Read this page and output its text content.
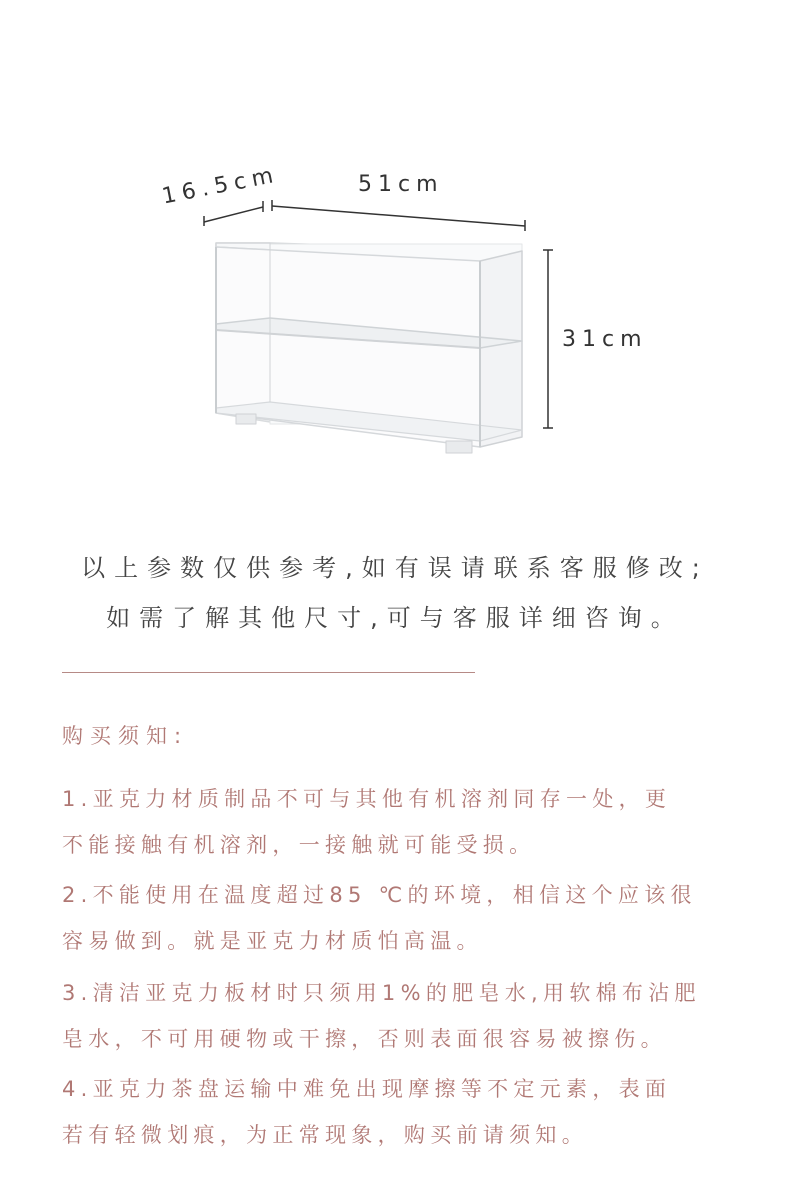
16.5cm	51cm
31cm
以上参数仅供参考,如有误请联系客服修改;
如需了解其他尺寸,可与客服详细咨询。
购买须知:
1.亚克力材质制品不可与其他有机溶剂同存一处，更
不能接触有机溶剂，一接触就可能受损。
2.不能使用在温度超过85 ℃的环境，相信这个应该很
容易做到。就是亚克力材质怕高温。
3.清洁亚克力板材时只须用1%的肥皂水,用软棉布沾肥
皂水，不可用硬物或干擦，否则表面很容易被擦伤。
4.亚克力茶盘运输中难免出现摩擦等不定元素，表面
若有轻微划痕，为正常现象，购买前请须知。
